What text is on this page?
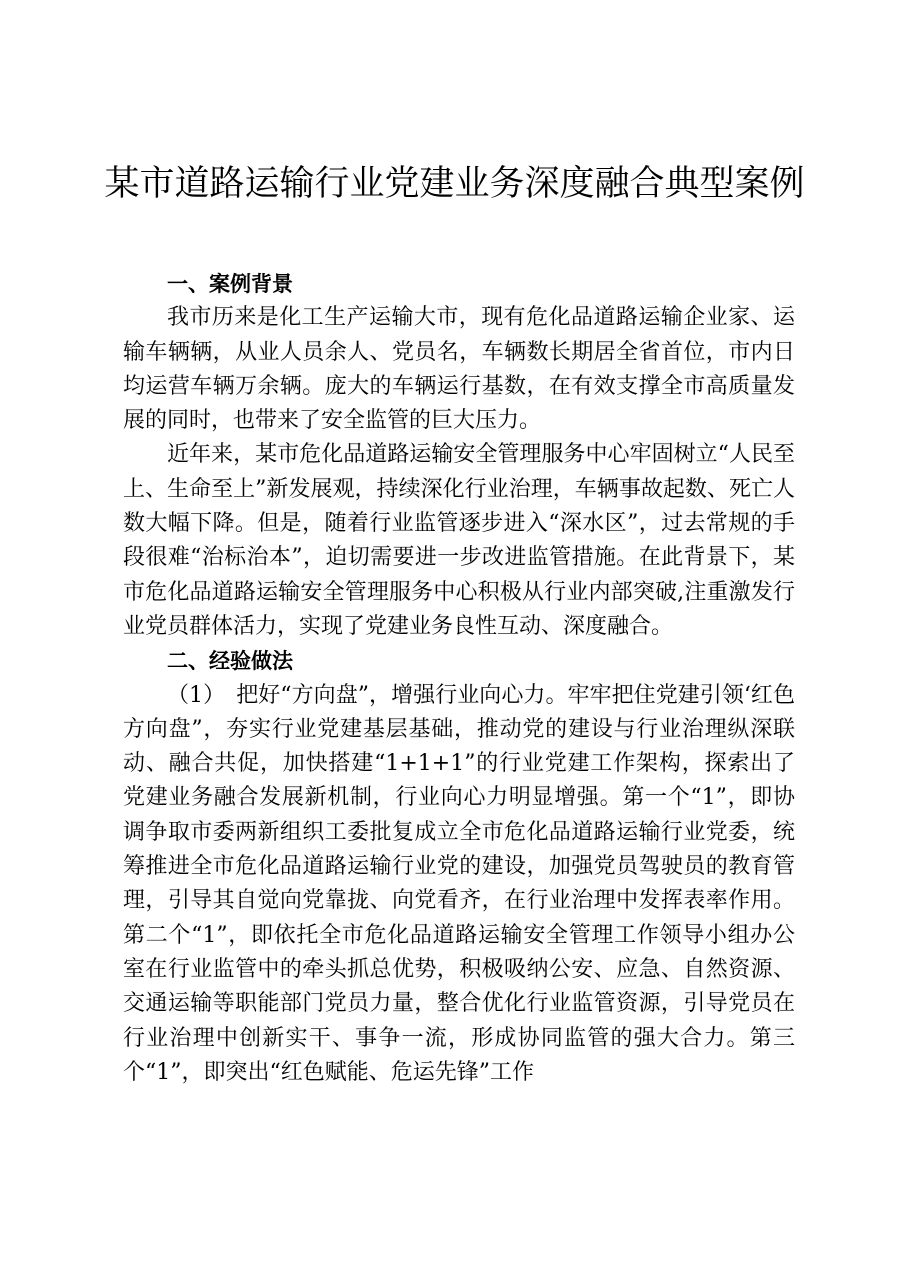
某市道路运输行业党建业务深度融合典型案例
一、案例背景

我市历来是化工生产运输大市，现有危化品道路运输企业家、运输车辆辆，从业人员余人、党员名，车辆数长期居全省首位，市内日均运营车辆万余辆。庞大的车辆运行基数，在有效支撑全市高质量发展的同时，也带来了安全监管的巨大压力。

近年来，某市危化品道路运输安全管理服务中心牢固树立“人民至上、生命至上”新发展观，持续深化行业治理，车辆事故起数、死亡人数大幅下降。但是，随着行业监管逐步进入“深水区”，过去常规的手段很难“治标治本”，迫切需要进一步改进监管措施。在此背景下，某市危化品道路运输安全管理服务中心积极从行业内部突破,注重激发行业党员群体活力，实现了党建业务良性互动、深度融合。

二、经验做法

（1）　把好“方向盘”，增强行业向心力。牢牢把住党建引领‘红色方向盘”，夯实行业党建基层基础，推动党的建设与行业治理纵深联动、融合共促，加快搭建“1+1+1”的行业党建工作架构，探索出了党建业务融合发展新机制，行业向心力明显增强。第一个“1”，即协调争取市委两新组织工委批复成立全市危化品道路运输行业党委，统筹推进全市危化品道路运输行业党的建设，加强党员驾驶员的教育管理，引导其自觉向党靠拢、向党看齐，在行业治理中发挥表率作用。第二个“1”，即依托全市危化品道路运输安全管理工作领导小组办公室在行业监管中的牵头抓总优势，积极吸纳公安、应急、自然资源、交通运输等职能部门党员力量，整合优化行业监管资源，引导党员在行业治理中创新实干、事争一流，形成协同监管的强大合力。第三个“1”，即突出“红色赋能、危运先锋”工作
